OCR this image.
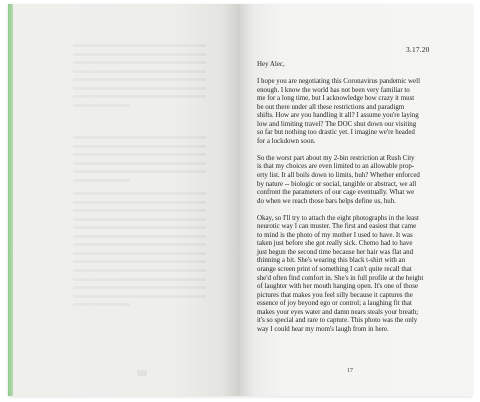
3.17.20

Hey Alec,

I hope you are negotiating this Coronavirus pandemic well
enough. I know the world has not been very familiar to
me for a long time, but I acknowledge how crazy it must
be out there under all these restrictions and paradigm
shifts. How are you handling it all? I assume you're laying
low and limiting travel? The DOC shut down our visiting
so far but nothing too drastic yet. I imagine we're headed
for a lockdown soon.

So the worst part about my 2-bin restriction at Rush City
is that my choices are even limited to an allowable prop-
erty list. It all boils down to limits, huh? Whether enforced
by nature -- biologic or social, tangible or abstract, we all
confront the parameters of our cage eventually. What we
do when we reach those bars helps define us, huh.

Okay, so I'll try to attach the eight photographs in the least
neurotic way I can muster. The first and easiest that came
to mind is the photo of my mother I used to have. It was
taken just before she got really sick. Chemo had to have
just begun the second time because her hair was flat and
thinning a bit. She's wearing this black t-shirt with an
orange screen print of something I can't quite recall that
she'd often find comfort in. She's in full profile at the height
of laughter with her mouth hanging open. It's one of those
pictures that makes you feel silly because it captures the
essence of joy beyond ego or control; a laughing fit that
makes your eyes water and damn nears steals your breath;
it's so special and rare to capture. This photo was the only
way I could hear my mom's laugh from in here.

17
